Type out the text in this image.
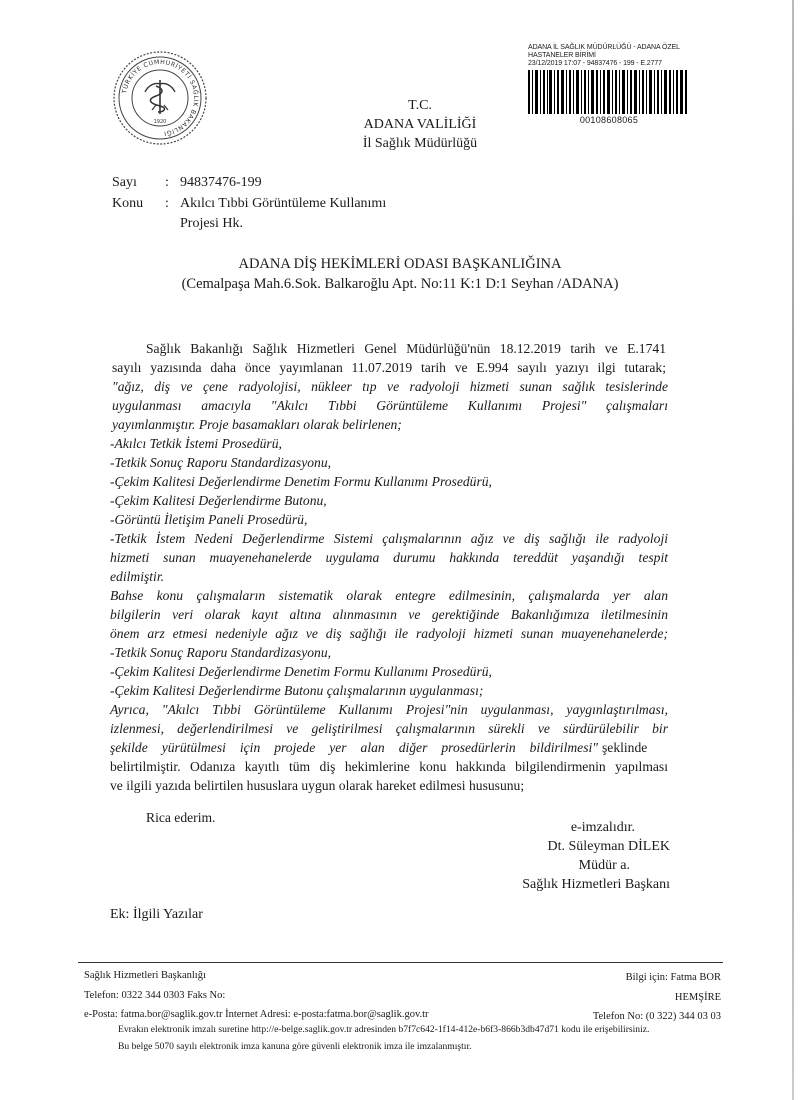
TÜRKİYE CUMHURİYETİ SAĞLIK BAKANLIĞI
1920
ADANA İL SAĞLIK MÜDÜRLÜĞÜ - ADANA ÖZEL
HASTANELER BİRİMİ
23/12/2019 17:07 - 94837476 - 199 - E.2777
00108608065
T.C.
ADANA VALİLİĞİ
İl Sağlık Müdürlüğü
Sayı : 94837476-199
Konu : Akılcı Tıbbi Görüntüleme Kullanımı
Projesi Hk.
ADANA DİŞ HEKİMLERİ ODASI BAŞKANLIĞINA
(Cemalpaşa Mah.6.Sok. Balkaroğlu Apt. No:11 K:1 D:1 Seyhan /ADANA)
Sağlık Bakanlığı Sağlık Hizmetleri Genel Müdürlüğü'nün 18.12.2019 tarih ve E.1741
sayılı yazısında daha önce yayımlanan 11.07.2019 tarih ve E.994 sayılı yazıyı ilgi tutarak;
"ağız, diş ve çene radyolojisi, nükleer tıp ve radyoloji hizmeti sunan sağlık tesislerinde
uygulanması amacıyla "Akılcı Tıbbi Görüntüleme Kullanımı Projesi" çalışmaları
yayımlanmıştır. Proje basamakları olarak belirlenen;
-Akılcı Tetkik İstemi Prosedürü,
-Tetkik Sonuç Raporu Standardizasyonu,
-Çekim Kalitesi Değerlendirme Denetim Formu Kullanımı Prosedürü,
-Çekim Kalitesi Değerlendirme Butonu,
-Görüntü İletişim Paneli Prosedürü,
-Tetkik İstem Nedeni Değerlendirme Sistemi çalışmalarının ağız ve diş sağlığı ile radyoloji
hizmeti sunan muayenehanelerde uygulama durumu hakkında tereddüt yaşandığı tespit
edilmiştir.
Bahse konu çalışmaların sistematik olarak entegre edilmesinin, çalışmalarda yer alan
bilgilerin veri olarak kayıt altına alınmasının ve gerektiğinde Bakanlığımıza iletilmesinin
önem arz etmesi nedeniyle ağız ve diş sağlığı ile radyoloji hizmeti sunan muayenehanelerde;
-Tetkik Sonuç Raporu Standardizasyonu,
-Çekim Kalitesi Değerlendirme Denetim Formu Kullanımı Prosedürü,
-Çekim Kalitesi Değerlendirme Butonu çalışmalarının uygulanması;
Ayrıca, "Akılcı Tıbbi Görüntüleme Kullanımı Projesi"nin uygulanması, yaygınlaştırılması,
izlenmesi, değerlendirilmesi ve geliştirilmesi çalışmalarının sürekli ve sürdürülebilir bir
şekilde yürütülmesi için projede yer alan diğer prosedürlerin bildirilmesi" şeklinde
belirtilmiştir. Odanıza kayıtlı tüm diş hekimlerine konu hakkında bilgilendirmenin yapılması
ve ilgili yazıda belirtilen hususlara uygun olarak hareket edilmesi hususunu;
Rica ederim.
e-imzalıdır.
Dt. Süleyman DİLEK
Müdür a.
Sağlık Hizmetleri Başkanı
Ek: İlgili Yazılar
Sağlık Hizmetleri Başkanlığı	Bilgi için: Fatma BOR
Telefon: 0322 344 0303 Faks No:	HEMŞİRE
e-Posta: fatma.bor@saglik.gov.tr İnternet Adresi: e-posta:fatma.bor@saglik.gov.tr	Telefon No: (0 322) 344 03 03
Evrakın elektronik imzalı suretine http://e-belge.saglik.gov.tr adresinden b7f7c642-1f14-412e-b6f3-866b3db47d71 kodu ile erişebilirsiniz.
Bu belge 5070 sayılı elektronik imza kanuna göre güvenli elektronik imza ile imzalanmıştır.
